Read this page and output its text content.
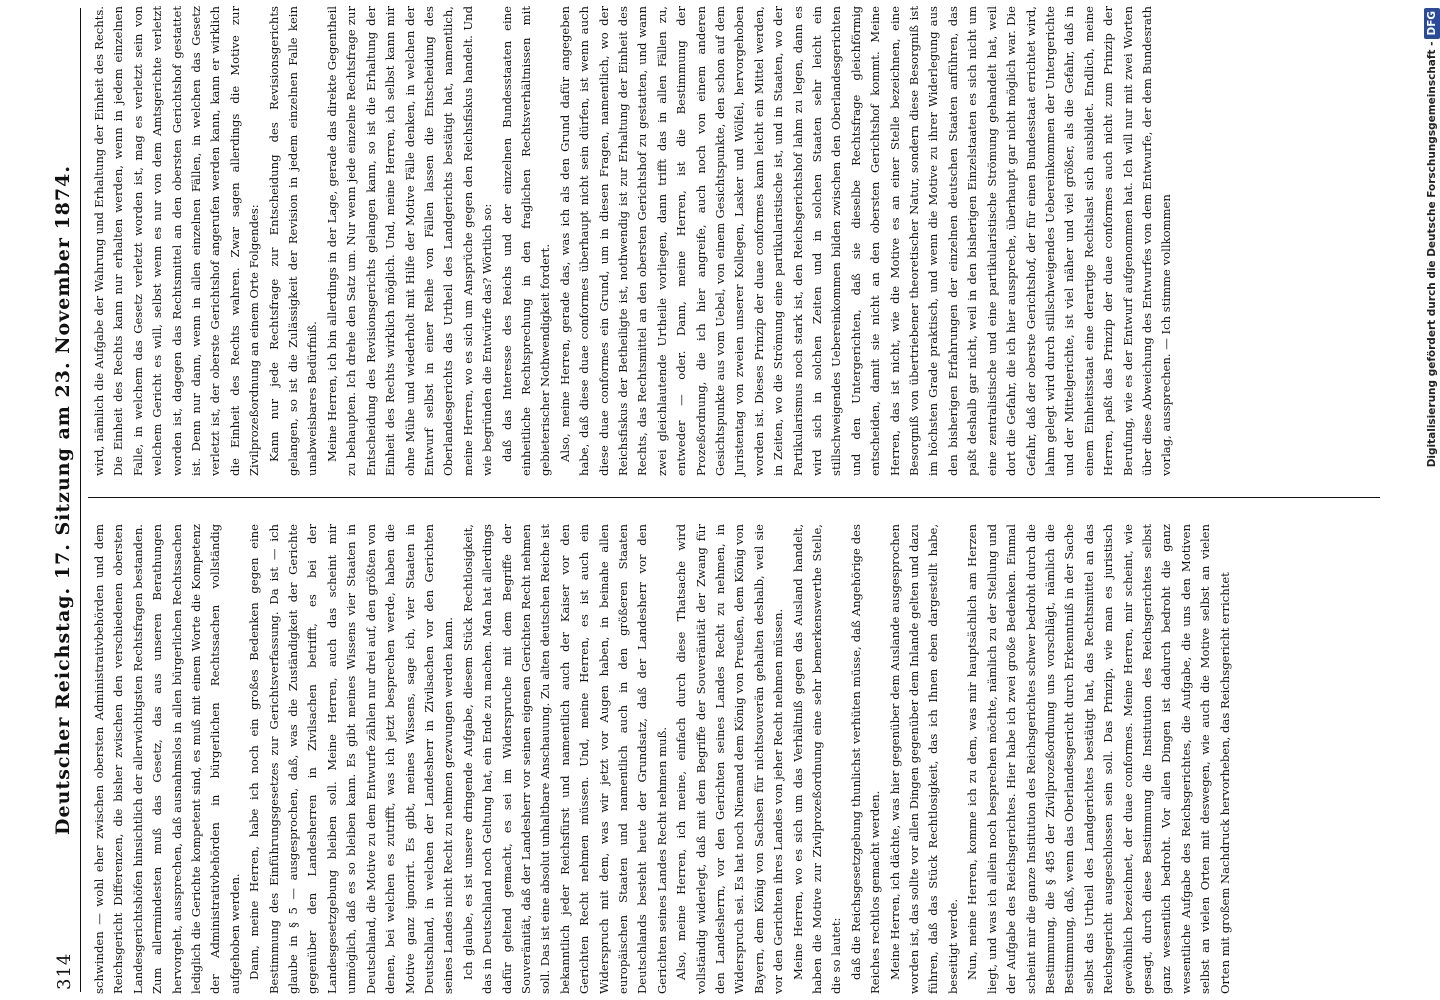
314
Deutscher Reichstag. 17. Sitzung am 23. November 1874. schwinden — wohl eher zwischen obersten Administrativbehörden und dem Reichsgericht Differenzen, die bisher zwischen den verschiedenen obersten Landesgerichtshöfen hinsichtlich der allerwichtigsten Rechtsfragen bestanden. Zum allermindesten muß das Gesetz, das aus unseren Berathungen hervorgeht, aussprechen, daß ausnahmslos in allen bürgerlichen Rechtssachen lediglich die Gerichte kompetent sind, es muß mit einem Worte die Kompetenz der Administrativbehörden in bürgerlichen Rechtssachen vollständig aufgehoben werden. Dann, meine Herren, habe ich noch ein großes Bedenken gegen eine Bestimmung des Einführungsgesetzes zur Gerichtsverfassung. Da ist — ich glaube in § 5 — ausgesprochen, daß, was die Zuständigkeit der Gerichte gegenüber den Landesherren in Zivilsachen betrifft, es bei der Landesgesetzgebung bleiben soll. Meine Herren, auch das scheint mir unmöglich, daß es so bleiben kann. Es gibt meines Wissens vier Staaten in Deutschland, die Motive zu dem Entwurfe zählen nur drei auf, den größten von denen, bei welchen es zutrifft, was ich jetzt besprechen werde, haben die Motive ganz ignorirt. Es gibt, meines Wissens, sage ich, vier Staaten in Deutschland, in welchen der Landesherr in Zivilsachen vor den Gerichten seines Landes nicht Recht zu nehmen gezwungen werden kann. Ich glaube, es ist unsere dringende Aufgabe, diesem Stück Rechtlosigkeit, das in Deutschland noch Geltung hat, ein Ende zu machen. Man hat allerdings dafür geltend gemacht, es sei im Widerspruche mit dem Begriffe der Souveränität, daß der Landesherr vor seinen eigenen Gerichten Recht nehmen soll. Das ist eine absolut unhaltbare Anschauung. Zu alten deutschen Reiche ist bekanntlich jeder Reichsfürst und namentlich auch der Kaiser vor den Gerichten Recht nehmen müssen. Und, meine Herren, es ist auch ein Widerspruch mit dem, was wir jetzt vor Augen haben, in beinahe allen europäischen Staaten und namentlich auch in den größeren Staaten Deutschlands besteht heute der Grundsatz, daß der Landesherr vor den Gerichten seines Landes Recht nehmen muß. Also, meine Herren, ich meine, einfach durch diese Thatsache wird vollständig widerlegt, daß mit dem Begriffe der Souveränität der Zwang für den Landesherrn, vor den Gerichten seines Landes Recht zu nehmen, in Widerspruch sei. Es hat noch Niemand dem König von Preußen, dem König von Bayern, dem König von Sachsen für nichtsouverän gehalten deshalb, weil sie vor den Gerichten ihres Landes von jeher Recht nehmen müssen. Meine Herren, wo es sich um das Verhältniß gegen das Ausland handelt, haben die Motive zur Zivilprozeßordnung eine sehr bemerkenswerthe Stelle, die so lautet: daß die Reichsgesetzgebung thunlichst verhüten müsse, daß Angehörige des Reiches rechtlos gemacht werden. Meine Herren, ich dächte, was hier gegenüber dem Auslande ausgesprochen worden ist, das sollte vor allen Dingen gegenüber dem Inlande gelten und dazu führen, daß das Stück Rechtlosigkeit, das ich Ihnen eben dargestellt habe, beseitigt werde. Nun, meine Herren, komme ich zu dem, was mir hauptsächlich am Herzen liegt, und was ich allein noch besprechen möchte, nämlich zu der Stellung und der Aufgabe des Reichsgerichtes. Hier habe ich zwei große Bedenken. Einmal scheint mir die ganze Institution des Reichsgerichtes schwer bedroht durch die Bestimmung, die § 485 der Zivilprozeßordnung uns vorschlägt, nämlich die Bestimmung, daß, wenn das Oberlandesgericht durch Erkenntniß in der Sache selbst das Urtheil des Landgerichtes bestätigt hat, das Rechtsmittel an das Reichsgericht ausgeschlossen sein soll. Das Prinzip, wie man es juristisch gewöhnlich bezeichnet, der duae conformes. Meine Herren, mir scheint, wie gesagt, durch diese Bestimmung die Institution des Reichsgerichtes selbst ganz wesentlich bedroht. Vor allen Dingen ist dadurch bedroht die ganz wesentliche Aufgabe des Reichsgerichtes, die Aufgabe, die uns den Motiven selbst an vielen Orten mit deswegen, wie auch die Motive selbst an vielen Orten mit großem Nachdruck hervorheben, das Reichsgericht errichtet

wird, nämlich die Aufgabe der Wahrung und Erhaltung der Einheit des Rechts. Die Einheit des Rechts kann nur erhalten werden, wenn in jedem einzelnen Falle, in welchem das Gesetz verletzt worden ist, mag es verletzt sein von welchem Gericht es will, selbst wenn es nur von dem Amtsgerichte verletzt worden ist, dagegen das Rechtsmittel an den obersten Gerichtshof gestattet ist. Denn nur dann, wenn in allen einzelnen Fällen, in welchen das Gesetz verletzt ist, der oberste Gerichtshof angerufen werden kann, kann er wirklich die Einheit des Rechts wahren. Zwar sagen allerdings die Motive zur Zivilprozeßordnung an einem Orte Folgendes: Kann nur jede Rechtsfrage zur Entscheidung des Revisionsgerichts gelangen, so ist die Zulässigkeit der Revision in jedem einzelnen Falle kein unabweisbares Bedürfniß. Meine Herren, ich bin allerdings in der Lage, gerade das direkte Gegentheil zu behaupten. Ich drehe den Satz um. Nur wenn jede einzelne Rechtsfrage zur Entscheidung des Revisionsgerichts gelangen kann, so ist die Erhaltung der Einheit des Rechts wirklich möglich. Und, meine Herren, ich selbst kann mir ohne Mühe und wiederholt mit Hilfe der Motive Fälle denken, in welchen der Entwurf selbst in einer Reihe von Fällen lassen die Entscheidung des Oberlandesgerichts das Urtheil des Landgerichts bestätigt hat, namentlich, meine Herren, wo es sich um Ansprüche gegen den Reichsfiskus handelt. Und wie begründen die Entwürfe das? Wörtlich so: daß das Interesse des Reichs und der einzelnen Bundesstaaten eine einheitliche Rechtsprechung in den fraglichen Rechtsverhältnissen mit gebieterischer Nothwendigkeit fordert. Also, meine Herren, gerade das, was ich als den Grund dafür angegeben habe, daß diese duae conformes überhaupt nicht sein dürfen, ist wenn auch diese duae conformes ein Grund, um in diesen Fragen, namentlich, wo der Reichsfiskus der Betheiligte ist, nothwendig ist zur Erhaltung der Einheit des Rechts, das Rechtsmittel an den obersten Gerichtshof zu gestatten, und wann zwei gleichlautende Urtheile vorliegen, dann trifft das in allen Fällen zu, entweder — oder. Dann, meine Herren, ist die Bestimmung der Prozeßordnung, die ich hier angreife, auch noch von einem anderen Gesichtspunkte aus vom Uebel, von einem Gesichtspunkte, den schon auf dem Juristentag von zweien unserer Kollegen, Lasker und Wölfel, hervorgehoben worden ist. Dieses Prinzip der duae conformes kann leicht ein Mittel werden, in Zeiten, wo die Strömung eine partikularistische ist, und in Staaten, wo der Partikularismus noch stark ist, den Reichsgerichtshof lahm zu legen, dann es wird sich in solchen Zeiten und in solchen Staaten sehr leicht ein stillschweigendes Uebereinkommen bilden zwischen den Oberlandesgerichten und den Untergerichten, daß sie dieselbe Rechtsfrage gleichförmig entscheiden, damit sie nicht an den obersten Gerichtshof kommt. Meine Herren, das ist nicht, wie die Motive es an einer Stelle bezeichnen, eine Besorgniß von übertriebener theoretischer Natur, sondern diese Besorgniß ist im höchsten Grade praktisch, und wenn die Motive zu ihrer Widerlegung aus den bisherigen Erfahrungen der einzelnen deutschen Staaten anführen, das paßt deshalb gar nicht, weil in den bisherigen Einzelstaaten es sich nicht um eine zentralistische und eine partikularistische Strömung gehandelt hat, weil dort die Gefahr, die ich hier ausspreche, überhaupt gar nicht möglich war. Die Gefahr, daß der oberste Gerichtshof, der für einen Bundesstaat errichtet wird, lahm gelegt wird durch stillschweigendes Uebereinkommen der Untergerichte und der Mittelgerichte, ist viel näher und viel größer, als die Gefahr, daß in einem Einheitsstaat eine derartige Rechtslast sich ausbildet. Endlich, meine Herren, paßt das Prinzip der duae conformes auch nicht zum Prinzip der Berufung, wie es der Entwurf aufgenommen hat. Ich will nur mit zwei Worten über diese Abweichung des Entwurfes von dem Entwurfe, der dem Bundesrath vorlag, aussprechen. — Ich stimme vollkommen	Digitalisierung gefördert durch die Deutsche Forschungsgemeinschaft -DFG
